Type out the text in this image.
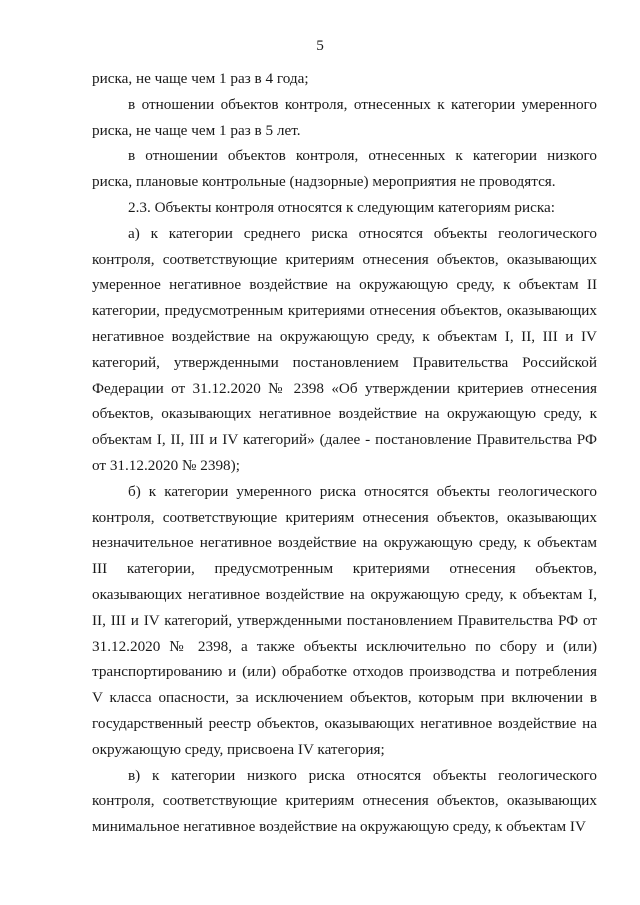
5

риска, не чаще чем 1 раз в 4 года;

в отношении объектов контроля, отнесенных к категории умеренного риска, не чаще чем 1 раз в 5 лет.

в отношении объектов контроля, отнесенных к категории низкого риска, плановые контрольные (надзорные) мероприятия не проводятся.

2.3. Объекты контроля относятся к следующим категориям риска:

а) к категории среднего риска относятся объекты геологического контроля, соответствующие критериям отнесения объектов, оказывающих умеренное негативное воздействие на окружающую среду, к объектам II категории, предусмотренным критериями отнесения объектов, оказывающих негативное воздействие на окружающую среду, к объектам I, II, III и IV категорий, утвержденными постановлением Правительства Российской Федерации от 31.12.2020 № 2398 «Об утверждении критериев отнесения объектов, оказывающих негативное воздействие на окружающую среду, к объектам I, II, III и IV категорий» (далее - постановление Правительства РФ от 31.12.2020 № 2398);

б) к категории умеренного риска относятся объекты геологического контроля, соответствующие критериям отнесения объектов, оказывающих незначительное негативное воздействие на окружающую среду, к объектам III категории, предусмотренным критериями отнесения объектов, оказывающих негативное воздействие на окружающую среду, к объектам I, II, III и IV категорий, утвержденными постановлением Правительства РФ от 31.12.2020 № 2398, а также объекты исключительно по сбору и (или) транспортированию и (или) обработке отходов производства и потребления V класса опасности, за исключением объектов, которым при включении в государственный реестр объектов, оказывающих негативное воздействие на окружающую среду, присвоена IV категория;

в) к категории низкого риска относятся объекты геологического контроля, соответствующие критериям отнесения объектов, оказывающих минимальное негативное воздействие на окружающую среду, к объектам IV
